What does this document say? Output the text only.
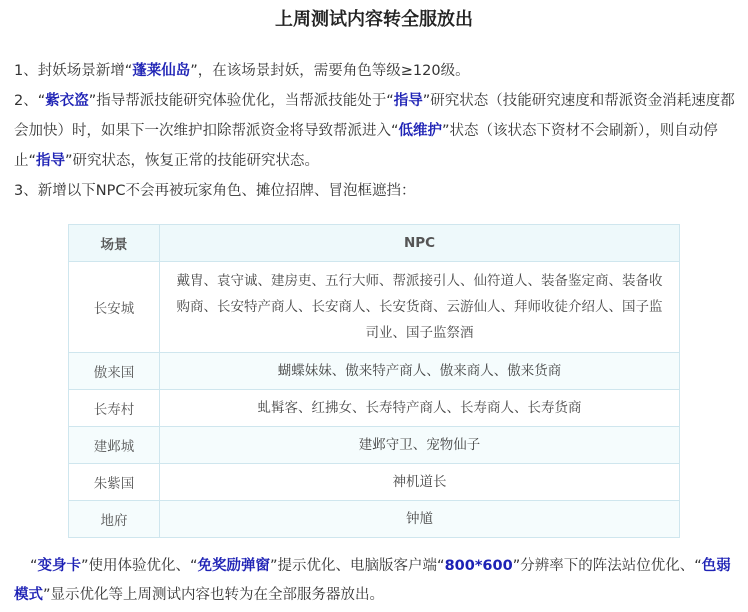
上周测试内容转全服放出
1、封妖场景新增“蓬莱仙岛”，在该场景封妖，需要角色等级≥120级。
2、“紫衣盗”指导帮派技能研究体验优化，当帮派技能处于“指导”研究状态（技能研究速度和帮派资金消耗速度都会加快）时，如果下一次维护扣除帮派资金将导致帮派进入“低维护”状态（该状态下资材不会刷新），则自动停止“指导”研究状态，恢复正常的技能研究状态。
3、新增以下NPC不会再被玩家角色、摊位招牌、冒泡框遮挡：
场景	NPC
长安城	戴胄、袁守诚、建房吏、五行大师、帮派接引人、仙符道人、装备鉴定商、装备收购商、长安特产商人、长安商人、长安货商、云游仙人、拜师收徒介绍人、国子监司业、国子监祭酒
傲来国	蝴蝶妹妹、傲来特产商人、傲来商人、傲来货商
长寿村	虬髯客、红拂女、长寿特产商人、长寿商人、长寿货商
建邺城	建邺守卫、宠物仙子
朱紫国	神机道长
地府	钟馗
“变身卡”使用体验优化、“免奖励弹窗”提示优化、电脑版客户端“800*600”分辨率下的阵法站位优化、“色弱模式”显示优化等上周测试内容也转为在全部服务器放出。
